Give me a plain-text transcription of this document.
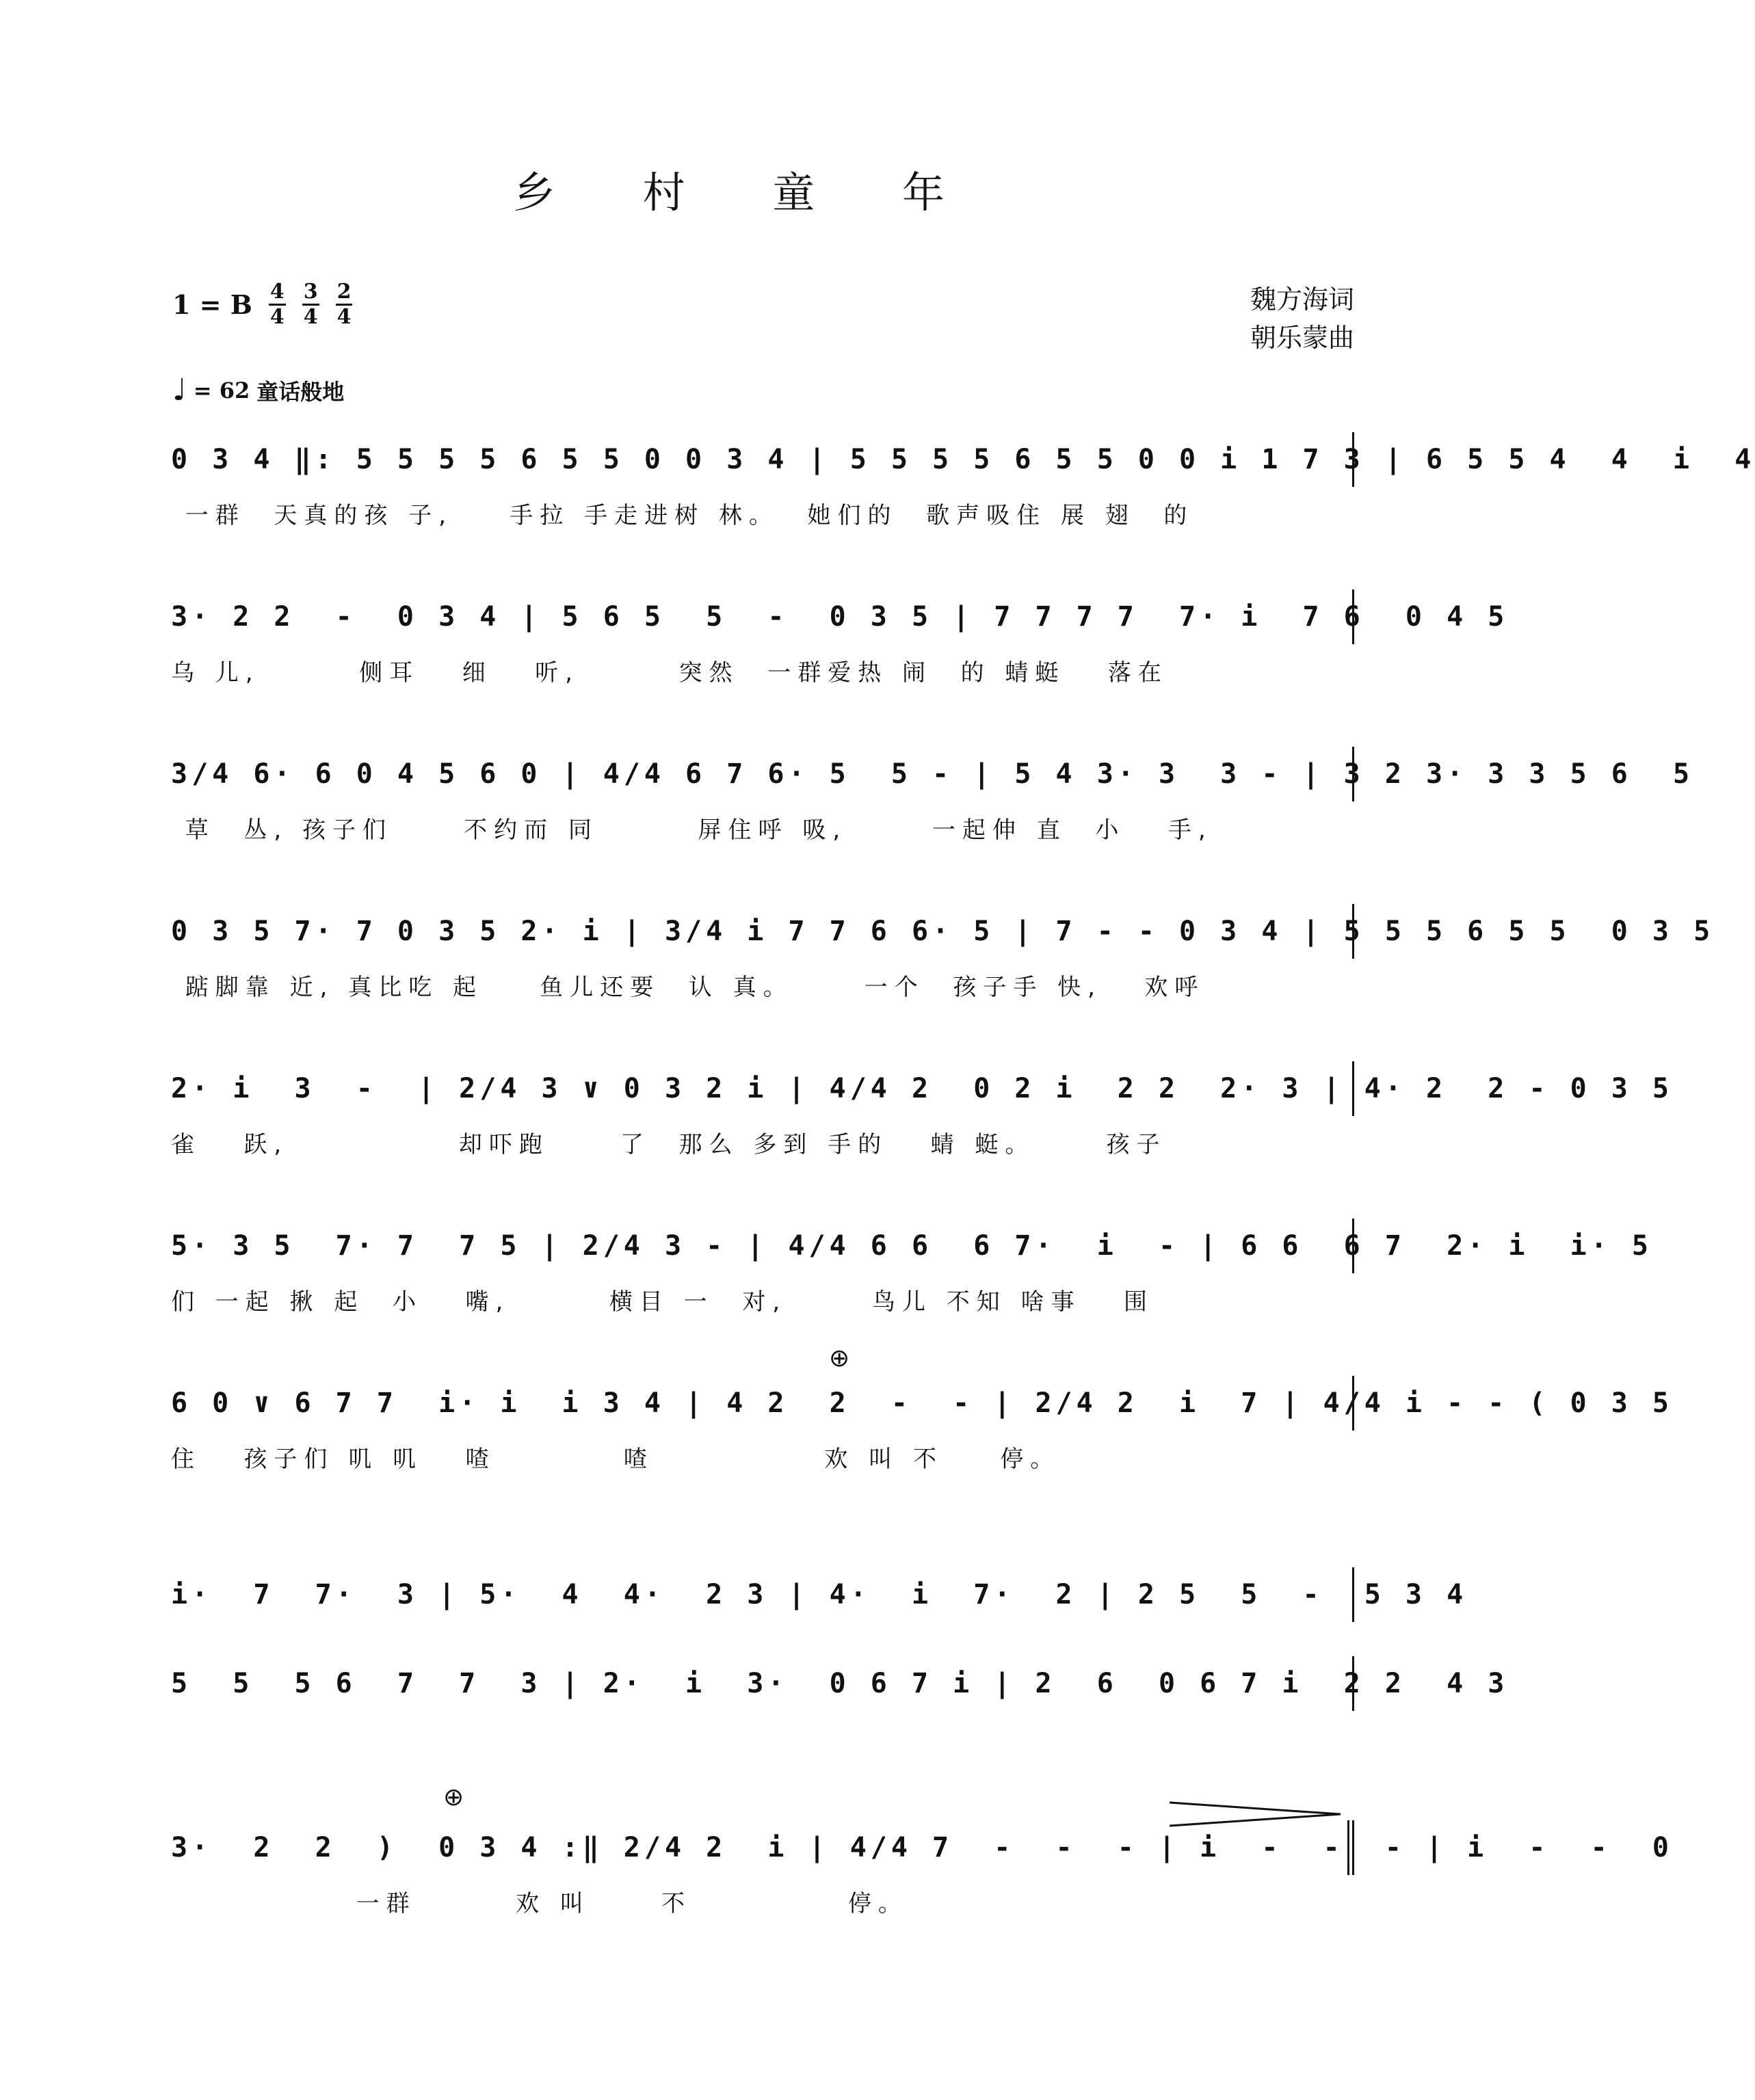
乡 村 童 年
1 = B $\frac{4}{4} \frac{3}{4} \frac{2}{4}$	魏方海词
朝乐蒙曲
♩ = 62 童话般地
0 3 4 ‖: 5 5 5 5 6 5 5 0 0 3 4 | 5 5 5 5 6 5 5 0 0 i 1 7 3 | 6 5 5 4  4  i  4
一群  天真的孩 子,    手拉 手走进树 林。  她们的  歌声吸住 展 翅  的
3· 2 2  -  0 3 4 | 5 6 5  5  -  0 3 5 | 7 7 7 7  7· i  7 6  0 4 5
乌 儿,       侧耳   细   听,       突然  一群爱热 闹  的 蜻蜓   落在
3/4 6· 6 0 4 5 6 0 | 4/4 6 7 6· 5  5 - | 5 4 3· 3  3 - | 3 2 3· 3 3 5 6  5
草  丛, 孩子们     不约而 同       屏住呼 吸,      一起伸 直  小   手,
0 3 5 7· 7 0 3 5 2· i | 3/4 i 7 7 6 6· 5 | 7 - - 0 3 4 | 5 5 5 6 5 5  0 3 5
踮脚靠 近, 真比吃 起    鱼儿还要  认 真。     一个  孩子手 快,   欢呼
2· i  3  -  | 2/4 3 ∨ 0 3 2 i | 4/4 2  0 2 i  2 2  2· 3 | 4· 2  2 - 0 3 5
雀   跃,            却吓跑     了  那么 多到 手的   蜻 蜓。     孩子
5· 3 5  7· 7  7 5 | 2/4 3 - | 4/4 6 6  6 7·  i  - | 6 6  6 7  2· i  i· 5
们 一起 揪 起  小   嘴,       横目 一  对,      鸟儿 不知 啥事   围
⊕
6 0 ∨ 6 7 7  i· i  i 3 4 | 4 2  2  -  - | 2/4 2  i  7 | 4/4 i - - ( 0 3 5
住   孩子们 叽 叽   喳         喳            欢 叫 不    停。
i·  7  7·  3 | 5·  4  4·  2 3 | 4·  i  7·  2 | 2 5  5  -  5 3 4
5  5  5 6  7  7  3 | 2·  i  3·  0 6 7 i | 2  6  0 6 7 i  2 2  4 3
⊕
3·  2  2  )  0 3 4 :‖ 2/4 2  i | 4/4 7  -  -  - | i  -  -  - | i  -  -  0
一群       欢 叫     不           停。
